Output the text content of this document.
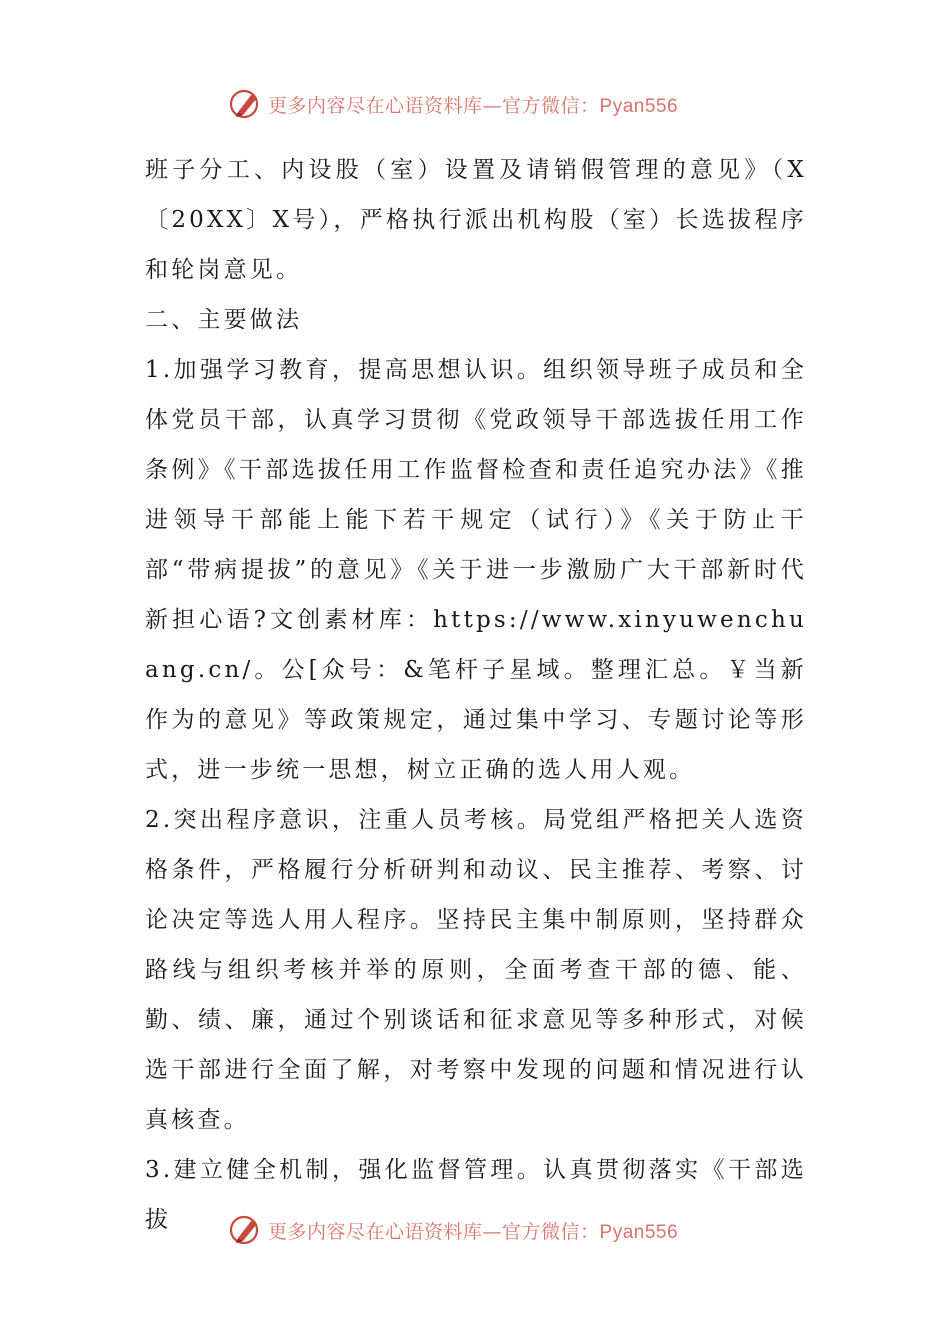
更多内容尽在心语资料库—官方微信：Pyan556

班子分工、内设股（室）设置及请销假管理的意见》（X〔20XX〕X号），严格执行派出机构股（室）长选拔程序和轮岗意见。

二、主要做法

1.加强学习教育，提高思想认识。组织领导班子成员和全体党员干部，认真学习贯彻《党政领导干部选拔任用工作条例》《干部选拔任用工作监督检查和责任追究办法》《推进领导干部能上能下若干规定（试行）》《关于防止干部“带病提拔”的意见》《关于进一步激励广大干部新时代新担心语?文创素材库：https://www.xinyuwenchuang.cn/。公[众号：&笔杆子星域。整理汇总。￥当新作为的意见》等政策规定，通过集中学习、专题讨论等形式，进一步统一思想，树立正确的选人用人观。

2.突出程序意识，注重人员考核。局党组严格把关人选资格条件，严格履行分析研判和动议、民主推荐、考察、讨论决定等选人用人程序。坚持民主集中制原则，坚持群众路线与组织考核并举的原则，全面考查干部的德、能、勤、绩、廉，通过个别谈话和征求意见等多种形式，对候选干部进行全面了解，对考察中发现的问题和情况进行认真核查。

3.建立健全机制，强化监督管理。认真贯彻落实《干部选拔	更多内容尽在心语资料库—官方微信：Pyan556
